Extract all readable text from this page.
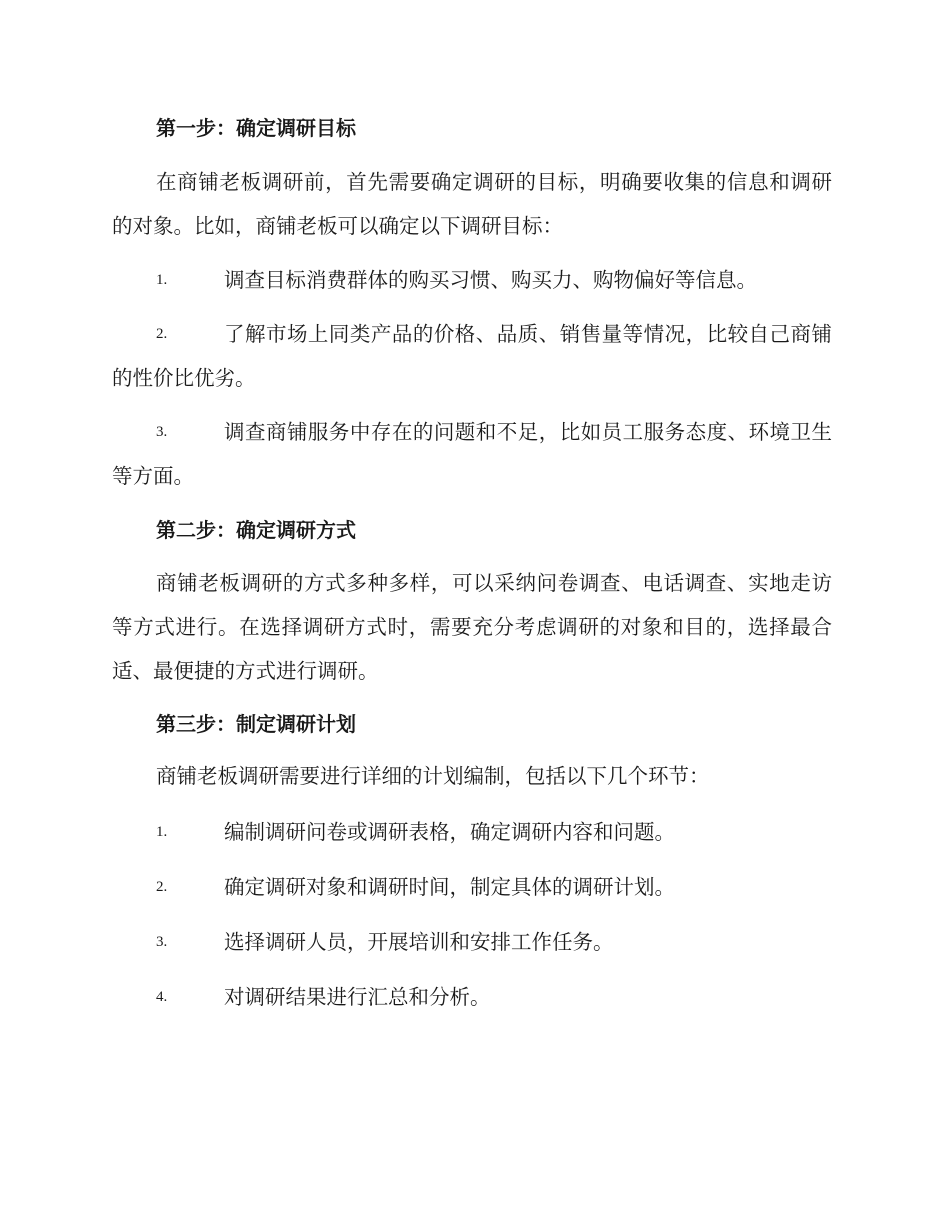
第一步：确定调研目标
在商铺老板调研前，首先需要确定调研的目标，明确要收集的信息和调研的对象。比如，商铺老板可以确定以下调研目标：
1.	调查目标消费群体的购买习惯、购买力、购物偏好等信息。
2.	了解市场上同类产品的价格、品质、销售量等情况，比较自己商铺的性价比优劣。
3.	调查商铺服务中存在的问题和不足，比如员工服务态度、环境卫生等方面。
第二步：确定调研方式
商铺老板调研的方式多种多样，可以采纳问卷调查、电话调查、实地走访等方式进行。在选择调研方式时，需要充分考虑调研的对象和目的，选择最合适、最便捷的方式进行调研。
第三步：制定调研计划
商铺老板调研需要进行详细的计划编制，包括以下几个环节：
1.	编制调研问卷或调研表格，确定调研内容和问题。
2.	确定调研对象和调研时间，制定具体的调研计划。
3.	选择调研人员，开展培训和安排工作任务。
4.	对调研结果进行汇总和分析。
